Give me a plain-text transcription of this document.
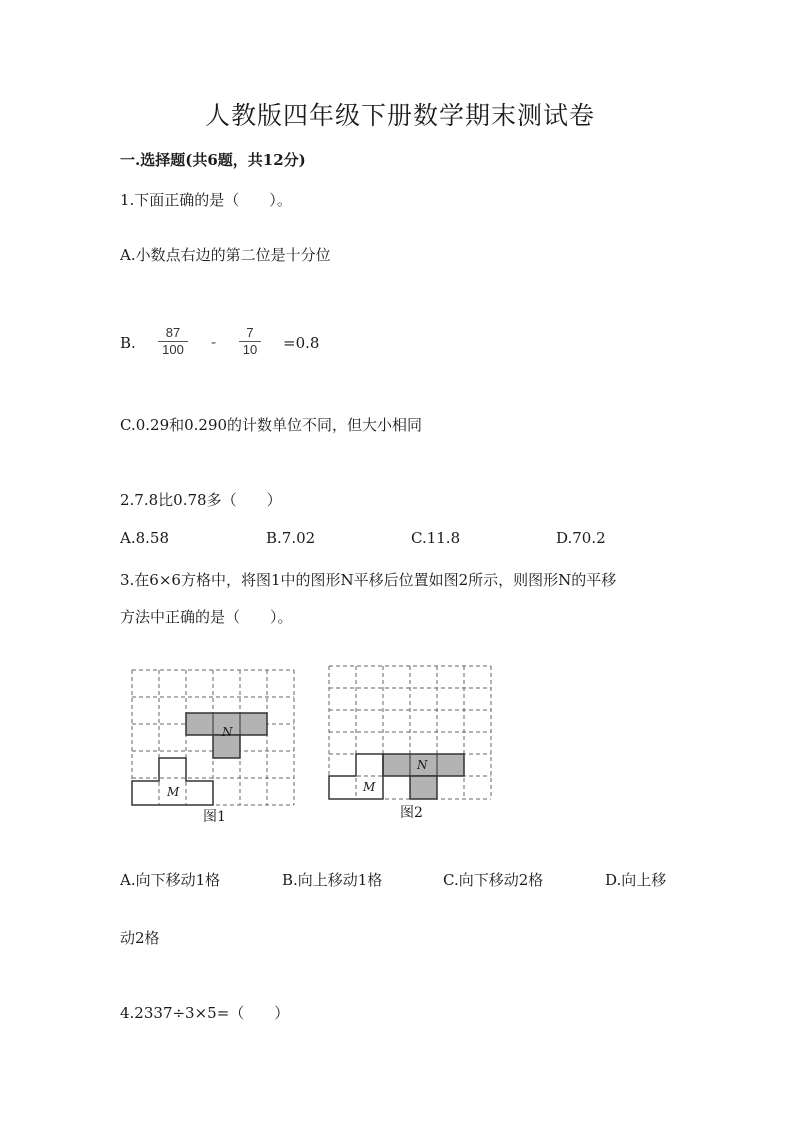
人教版四年级下册数学期末测试卷
一.选择题(共6题，共12分)
1.下面正确的是（　　）。
A.小数点右边的第二位是十分位
B.
87
100 -
7
10 =0.8
C.0.29和0.290的计数单位不同，但大小相同
2.7.8比0.78多（　　）
A.8.58	B.7.02	C.11.8	D.70.2
3.在6×6方格中，将图1中的图形N平移后位置如图2所示，则图形N的平移
方法中正确的是（　　）。
N
M
图1
N
M
图2
A.向下移动1格	B.向上移动1格	C.向下移动2格	D.向上移
动2格
4.2337÷3×5=（　　）
